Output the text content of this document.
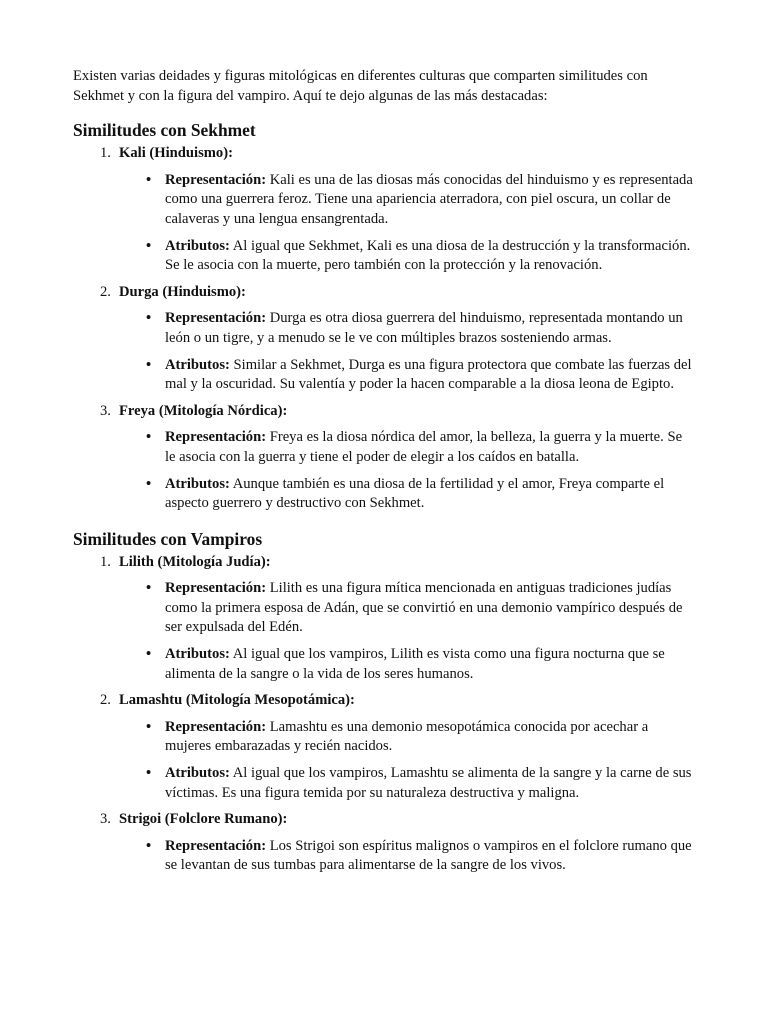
Existen varias deidades y figuras mitológicas en diferentes culturas que comparten similitudes con Sekhmet y con la figura del vampiro. Aquí te dejo algunas de las más destacadas:

Similitudes con Sekhmet
1. Kali (Hinduismo):
• Representación: Kali es una de las diosas más conocidas del hinduismo y es representada como una guerrera feroz. Tiene una apariencia aterradora, con piel oscura, un collar de calaveras y una lengua ensangrentada.
• Atributos: Al igual que Sekhmet, Kali es una diosa de la destrucción y la transformación. Se le asocia con la muerte, pero también con la protección y la renovación.
2. Durga (Hinduismo):
• Representación: Durga es otra diosa guerrera del hinduismo, representada montando un león o un tigre, y a menudo se le ve con múltiples brazos sosteniendo armas.
• Atributos: Similar a Sekhmet, Durga es una figura protectora que combate las fuerzas del mal y la oscuridad. Su valentía y poder la hacen comparable a la diosa leona de Egipto.
3. Freya (Mitología Nórdica):
• Representación: Freya es la diosa nórdica del amor, la belleza, la guerra y la muerte. Se le asocia con la guerra y tiene el poder de elegir a los caídos en batalla.
• Atributos: Aunque también es una diosa de la fertilidad y el amor, Freya comparte el aspecto guerrero y destructivo con Sekhmet.
Similitudes con Vampiros
1. Lilith (Mitología Judía):
• Representación: Lilith es una figura mítica mencionada en antiguas tradiciones judías como la primera esposa de Adán, que se convirtió en una demonio vampírico después de ser expulsada del Edén.
• Atributos: Al igual que los vampiros, Lilith es vista como una figura nocturna que se alimenta de la sangre o la vida de los seres humanos.
2. Lamashtu (Mitología Mesopotámica):
• Representación: Lamashtu es una demonio mesopotámica conocida por acechar a mujeres embarazadas y recién nacidos.
• Atributos: Al igual que los vampiros, Lamashtu se alimenta de la sangre y la carne de sus víctimas. Es una figura temida por su naturaleza destructiva y maligna.
3. Strigoi (Folclore Rumano):
• Representación: Los Strigoi son espíritus malignos o vampiros en el folclore rumano que se levantan de sus tumbas para alimentarse de la sangre de los vivos.
